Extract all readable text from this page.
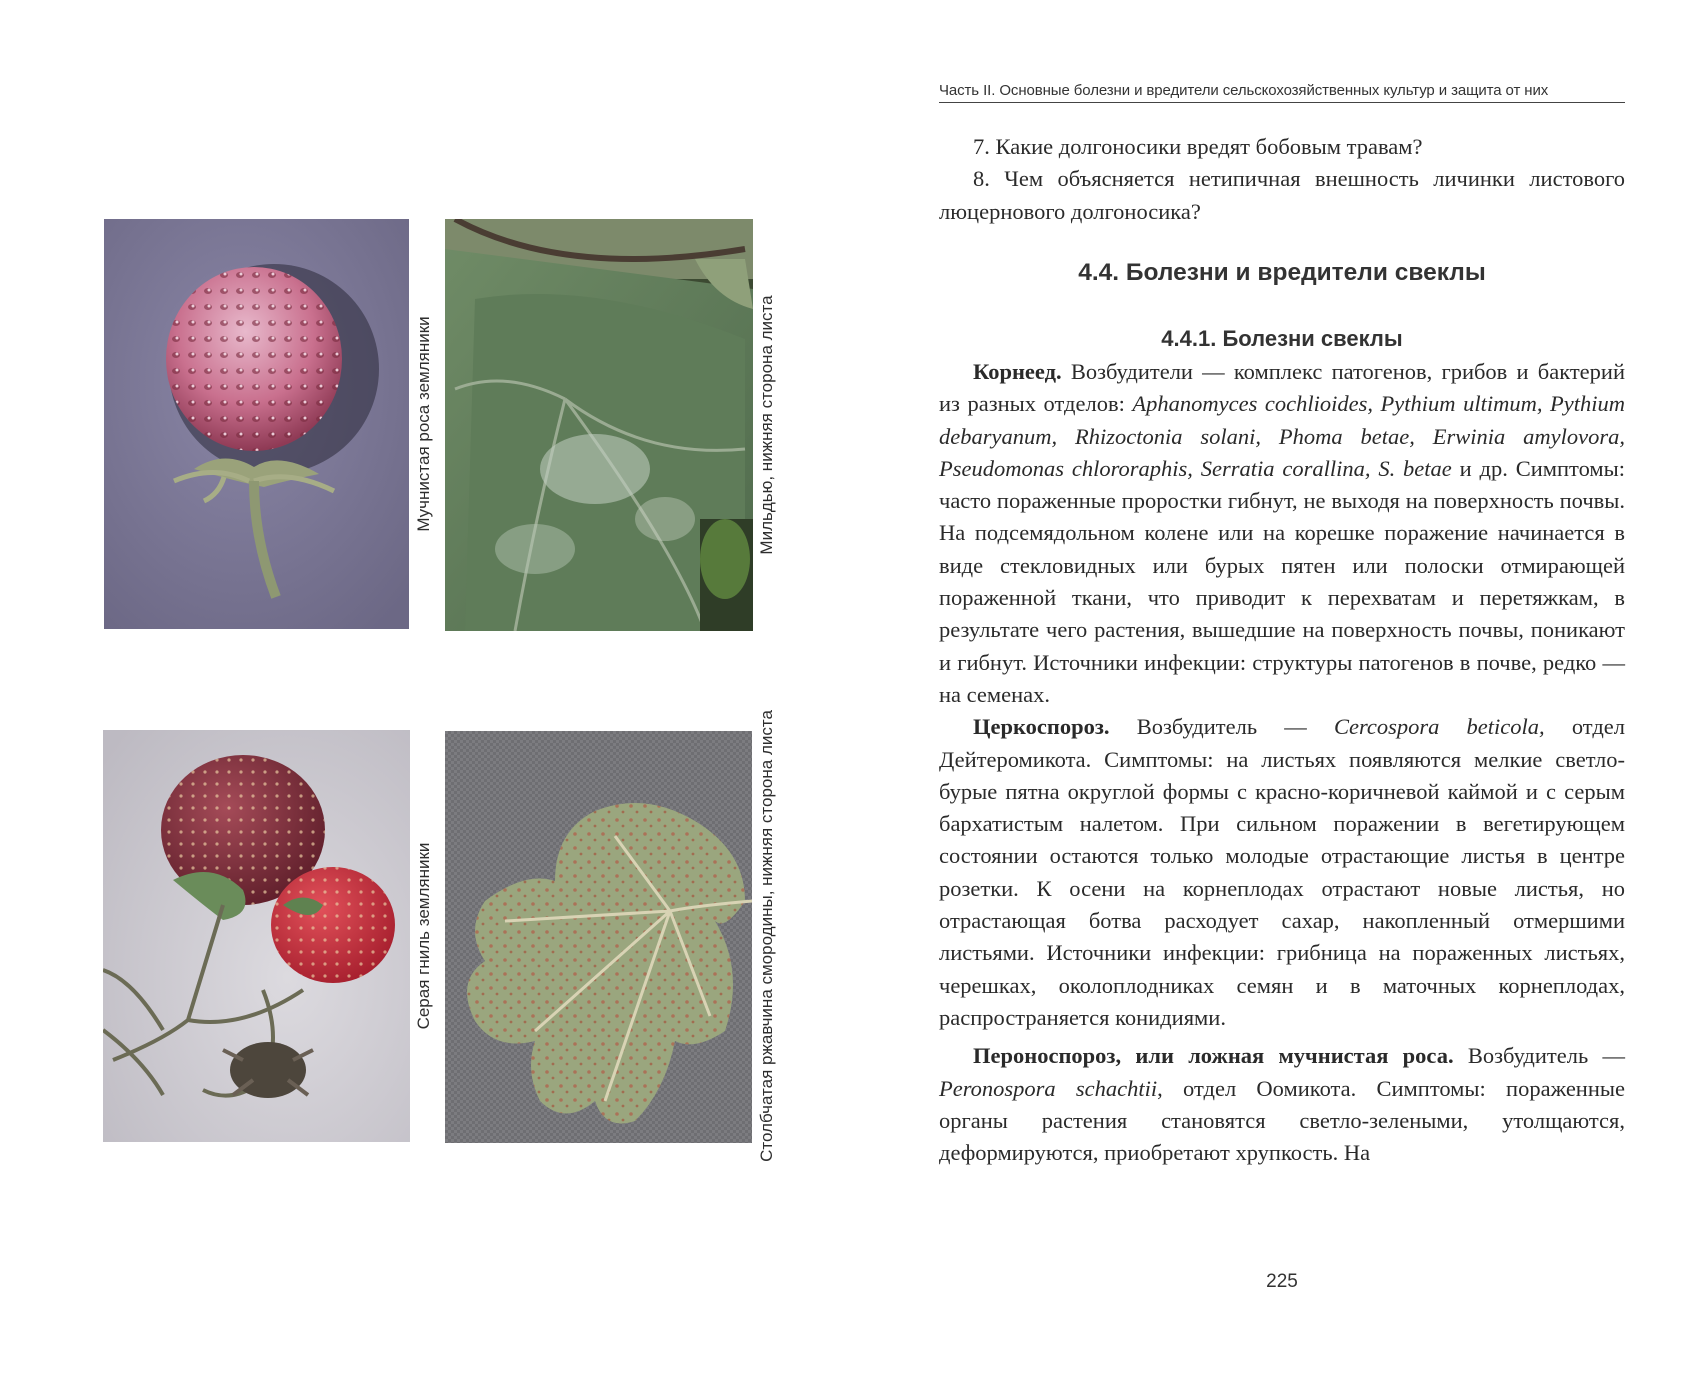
Мучнистая роса земляники	Мильдью, нижняя сторона листа
Серая гниль земляники	Столбчатая ржавчина смородины, нижняя сторона листа
Часть II. Основные болезни и вредители сельскохозяйственных культур и защита от них

7. Какие долгоносики вредят бобовым травам?

8. Чем объясняется нетипичная внешность личинки листового люцернового долгоносика?

4.4. Болезни и вредители свеклы
4.4.1. Болезни свеклы

Корнеед. Возбудители — комплекс патогенов, грибов и бактерий из разных отделов: Aphanomyces cochlioides, Pythium ultimum, Pythium debaryanum, Rhizoctonia solani, Phoma betae, Erwinia amylovora, Pseudomonas chlororaphis, Serratia corallina, S. betae и др. Симптомы: часто пораженные проростки гибнут, не выходя на поверхность почвы. На подсемядольном колене или на корешке поражение начинается в виде стекловидных или бурых пятен или полоски отмирающей пораженной ткани, что приводит к перехватам и перетяжкам, в результате чего растения, вышедшие на поверхность почвы, поникают и гибнут. Источники инфекции: структуры патогенов в почве, редко — на семенах.

Церкоспороз. Возбудитель — Cercospora beticola, отдел Дейтеромикота. Симптомы: на листьях появляются мелкие светло-бурые пятна округлой формы с красно-коричневой каймой и с серым бархатистым налетом. При сильном поражении в вегетирующем состоянии остаются только молодые отрастающие листья в центре розетки. К осени на корнеплодах отрастают новые листья, но отрастающая ботва расходует сахар, накопленный отмершими листьями. Источники инфекции: грибница на пораженных листьях, черешках, околоплодниках семян и в маточных корнеплодах, распространяется конидиями.

Пероноспороз, или ложная мучнистая роса. Возбудитель — Peronospora schachtii, отдел Оомикота. Симптомы: пораженные органы растения становятся светло-зелеными, утолщаются, деформируются, приобретают хрупкость. На

225
